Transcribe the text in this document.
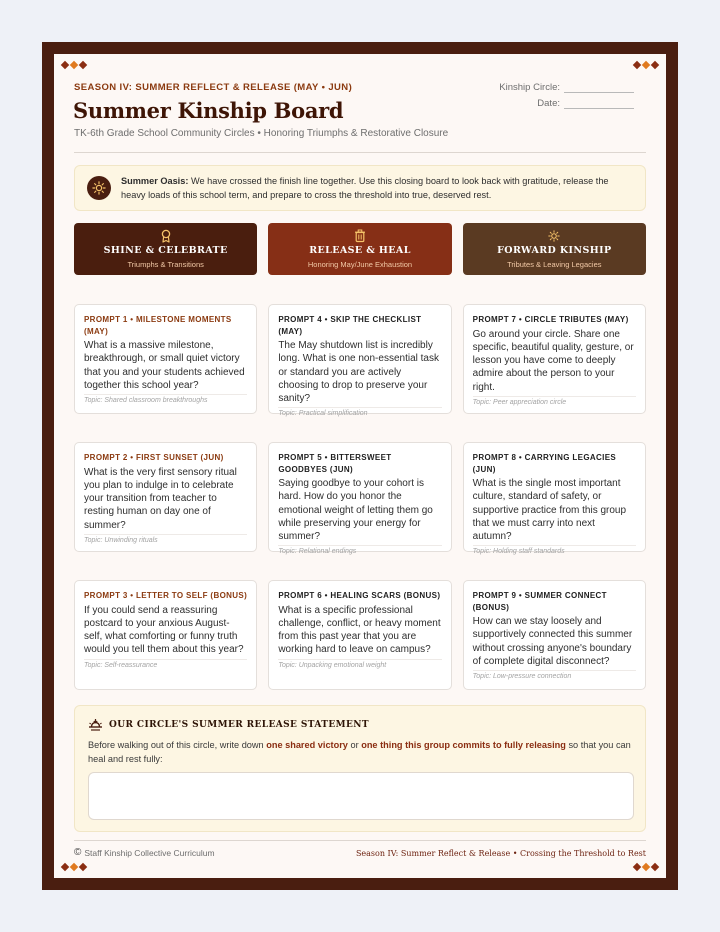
SEASON IV: SUMMER REFLECT & RELEASE (MAY • JUN)
Summer Kinship Board
TK-6th Grade School Community Circles • Honoring Triumphs & Restorative Closure
Kinship Circle:
Date:

Summer Oasis: We have crossed the finish line together. Use this closing board to look back with gratitude, release the heavy loads of this school term, and prepare to cross the threshold into true, deserved rest.

SHINE & CELEBRATE
Triumphs & Transitions
RELEASE & HEAL
Honoring May/June Exhaustion
FORWARD KINSHIP
Tributes & Leaving Legacies
PROMPT 1 • MILESTONE MOMENTS (MAY)
What is a massive milestone, breakthrough, or small quiet victory that you and your students achieved together this school year?
Topic: Shared classroom breakthroughs
PROMPT 4 • SKIP THE CHECKLIST (MAY)
The May shutdown list is incredibly long. What is one non-essential task or standard you are actively choosing to drop to preserve your sanity?
Topic: Practical simplification
PROMPT 7 • CIRCLE TRIBUTES (MAY)
Go around your circle. Share one specific, beautiful quality, gesture, or lesson you have come to deeply admire about the person to your right.
Topic: Peer appreciation circle
PROMPT 2 • FIRST SUNSET (JUN)
What is the very first sensory ritual you plan to indulge in to celebrate your transition from teacher to resting human on day one of summer?
Topic: Unwinding rituals
PROMPT 5 • BITTERSWEET GOODBYES (JUN)
Saying goodbye to your cohort is hard. How do you honor the emotional weight of letting them go while preserving your energy for summer?
Topic: Relational endings
PROMPT 8 • CARRYING LEGACIES (JUN)
What is the single most important culture, standard of safety, or supportive practice from this group that we must carry into next autumn?
Topic: Holding staff standards
PROMPT 3 • LETTER TO SELF (BONUS)
If you could send a reassuring postcard to your anxious August-self, what comforting or funny truth would you tell them about this year?
Topic: Self-reassurance
PROMPT 6 • HEALING SCARS (BONUS)
What is a specific professional challenge, conflict, or heavy moment from this past year that you are working hard to leave on campus?
Topic: Unpacking emotional weight
PROMPT 9 • SUMMER CONNECT (BONUS)
How can we stay loosely and supportively connected this summer without crossing anyone's boundary of complete digital disconnect?
Topic: Low-pressure connection
OUR CIRCLE'S SUMMER RELEASE STATEMENT

Before walking out of this circle, write down one shared victory or one thing this group commits to fully releasing so that you can heal and rest fully:

© Staff Kinship Collective Curriculum	Season IV: Summer Reflect & Release • Crossing the Threshold to Rest
